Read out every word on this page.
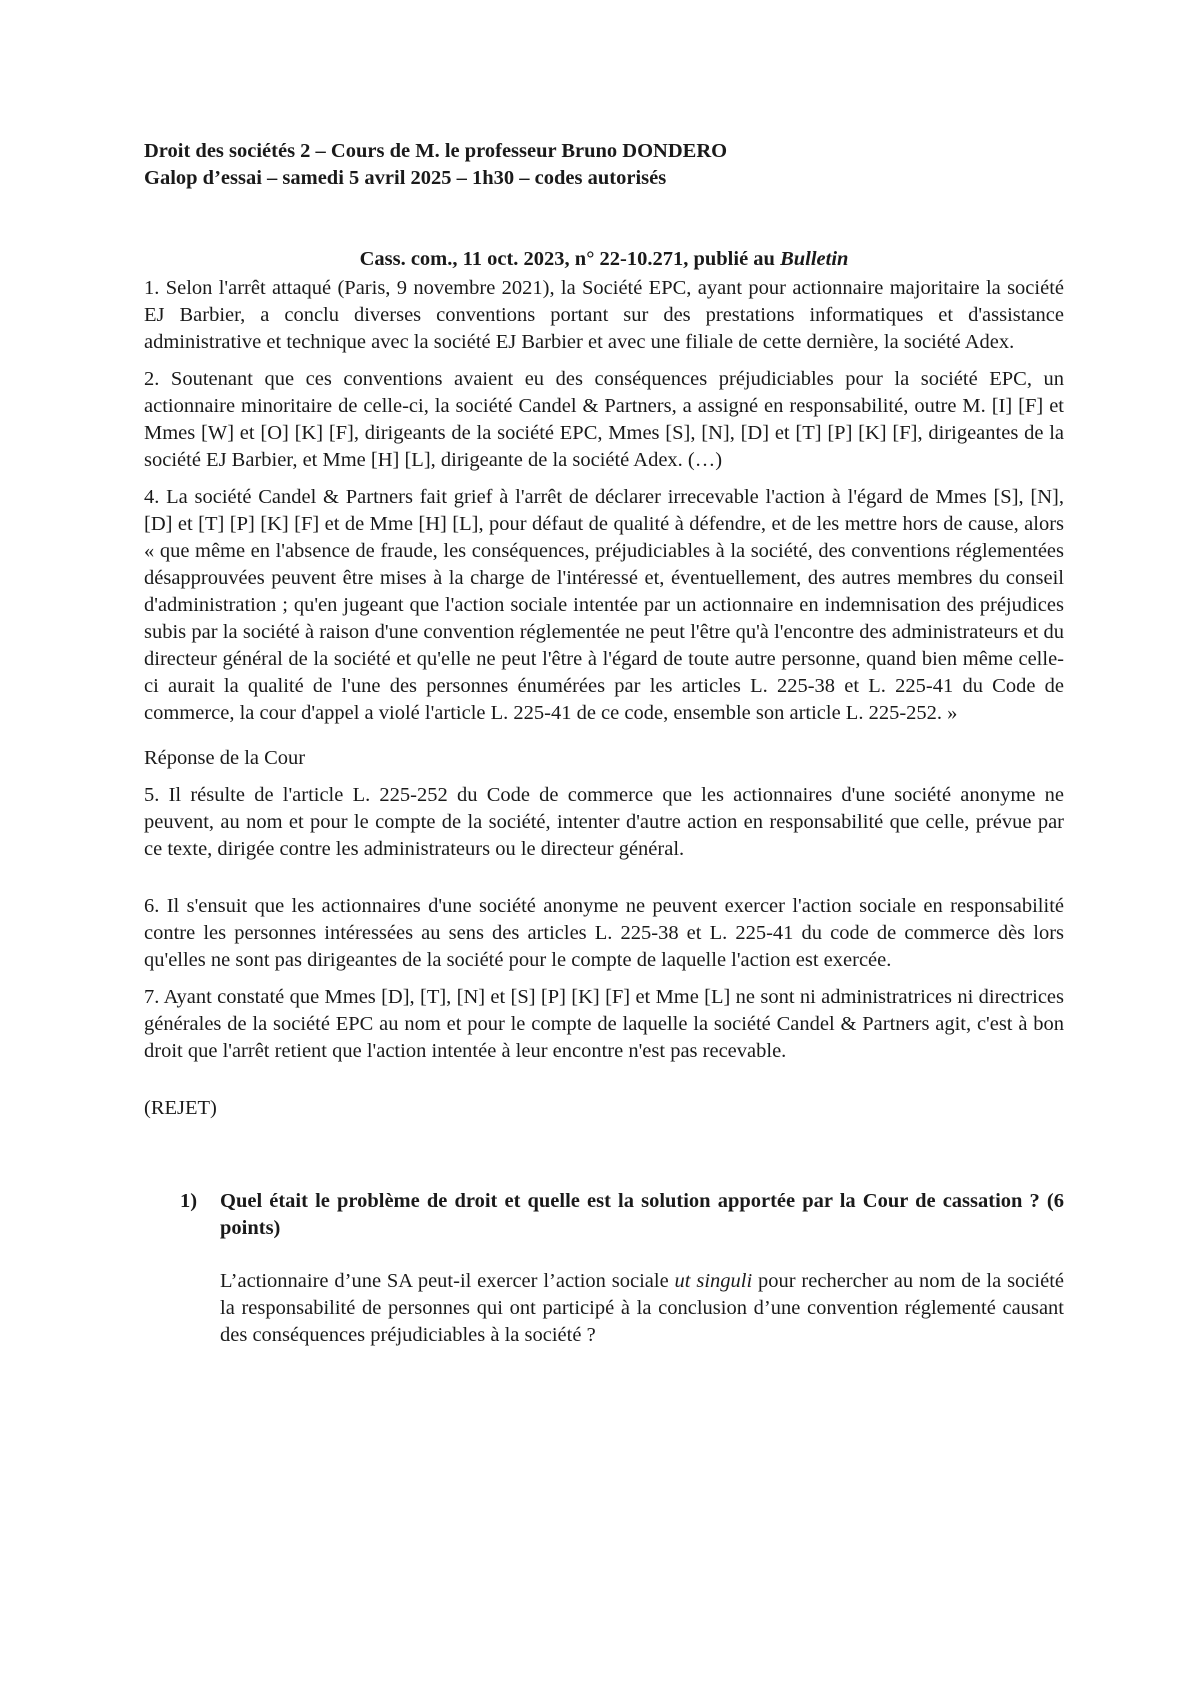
Droit des sociétés 2 – Cours de M. le professeur Bruno DONDERO

Galop d’essai – samedi 5 avril 2025 – 1h30 – codes autorisés

Cass. com., 11 oct. 2023, n° 22-10.271, publié au Bulletin

1. Selon l'arrêt attaqué (Paris, 9 novembre 2021), la Société EPC, ayant pour actionnaire majoritaire la société EJ Barbier, a conclu diverses conventions portant sur des prestations informatiques et d'assistance administrative et technique avec la société EJ Barbier et avec une filiale de cette dernière, la société Adex.

2. Soutenant que ces conventions avaient eu des conséquences préjudiciables pour la société EPC, un actionnaire minoritaire de celle-ci, la société Candel & Partners, a assigné en responsabilité, outre M. [I] [F] et Mmes [W] et [O] [K] [F], dirigeants de la société EPC, Mmes [S], [N], [D] et [T] [P] [K] [F], dirigeantes de la société EJ Barbier, et Mme [H] [L], dirigeante de la société Adex. (…)

4. La société Candel & Partners fait grief à l'arrêt de déclarer irrecevable l'action à l'égard de Mmes [S], [N], [D] et [T] [P] [K] [F] et de Mme [H] [L], pour défaut de qualité à défendre, et de les mettre hors de cause, alors « que même en l'absence de fraude, les conséquences, préjudiciables à la société, des conventions réglementées désapprouvées peuvent être mises à la charge de l'intéressé et, éventuellement, des autres membres du conseil d'administration ; qu'en jugeant que l'action sociale intentée par un actionnaire en indemnisation des préjudices subis par la société à raison d'une convention réglementée ne peut l'être qu'à l'encontre des administrateurs et du directeur général de la société et qu'elle ne peut l'être à l'égard de toute autre personne, quand bien même celle-ci aurait la qualité de l'une des personnes énumérées par les articles L. 225-38 et L. 225-41 du Code de commerce, la cour d'appel a violé l'article L. 225-41 de ce code, ensemble son article L. 225-252. »

Réponse de la Cour

5. Il résulte de l'article L. 225-252 du Code de commerce que les actionnaires d'une société anonyme ne peuvent, au nom et pour le compte de la société, intenter d'autre action en responsabilité que celle, prévue par ce texte, dirigée contre les administrateurs ou le directeur général.

6. Il s'ensuit que les actionnaires d'une société anonyme ne peuvent exercer l'action sociale en responsabilité contre les personnes intéressées au sens des articles L. 225-38 et L. 225-41 du code de commerce dès lors qu'elles ne sont pas dirigeantes de la société pour le compte de laquelle l'action est exercée.

7. Ayant constaté que Mmes [D], [T], [N] et [S] [P] [K] [F] et Mme [L] ne sont ni administratrices ni directrices générales de la société EPC au nom et pour le compte de laquelle la société Candel & Partners agit, c'est à bon droit que l'arrêt retient que l'action intentée à leur encontre n'est pas recevable.

(REJET)

1)	Quel était le problème de droit et quelle est la solution apportée par la Cour de cassation ? (6 points)

L’actionnaire d’une SA peut-il exercer l’action sociale ut singuli pour rechercher au nom de la société la responsabilité de personnes qui ont participé à la conclusion d’une convention réglementé causant des conséquences préjudiciables à la société ?
